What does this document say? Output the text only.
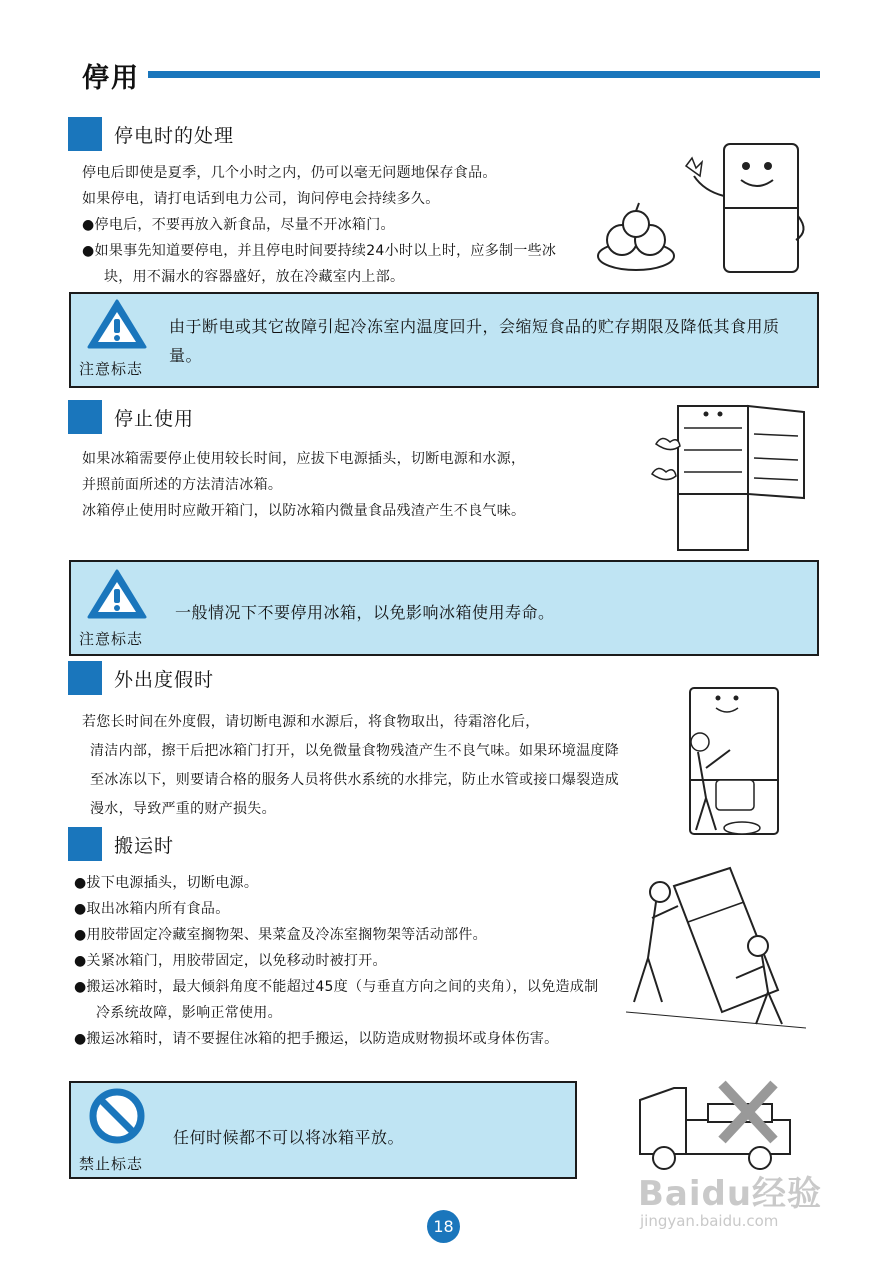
停用
停电时的处理
停电后即使是夏季，几个小时之内，仍可以毫无问题地保存食品。
如果停电，请打电话到电力公司，询问停电会持续多久。
●停电后，不要再放入新食品，尽量不开冰箱门。
●如果事先知道要停电，并且停电时间要持续24小时以上时，应多制一些冰块，用不漏水的容器盛好，放在冷藏室内上部。
注意标志
由于断电或其它故障引起冷冻室内温度回升，会缩短食品的贮存期限及降低其食用质量。
停止使用
如果冰箱需要停止使用较长时间，应拔下电源插头，切断电源和水源，
并照前面所述的方法清洁冰箱。
冰箱停止使用时应敞开箱门，以防冰箱内微量食品残渣产生不良气味。
注意标志
一般情况下不要停用冰箱，以免影响冰箱使用寿命。
外出度假时
若您长时间在外度假，请切断电源和水源后，将食物取出，待霜溶化后，
清洁内部，擦干后把冰箱门打开，以免微量食物残渣产生不良气味。如果环境温度降至冰冻以下，则要请合格的服务人员将供水系统的水排完，防止水管或接口爆裂造成漫水，导致严重的财产损失。
搬运时
●拔下电源插头，切断电源。
●取出冰箱内所有食品。
●用胶带固定冷藏室搁物架、果菜盒及冷冻室搁物架等活动部件。
●关紧冰箱门，用胶带固定，以免移动时被打开。
●搬运冰箱时，最大倾斜角度不能超过45度（与垂直方向之间的夹角），以免造成制冷系统故障，影响正常使用。
●搬运冰箱时，请不要握住冰箱的把手搬运，以防造成财物损坏或身体伤害。
禁止标志
任何时候都不可以将冰箱平放。
Baidu经验
jingyan.baidu.com
18
